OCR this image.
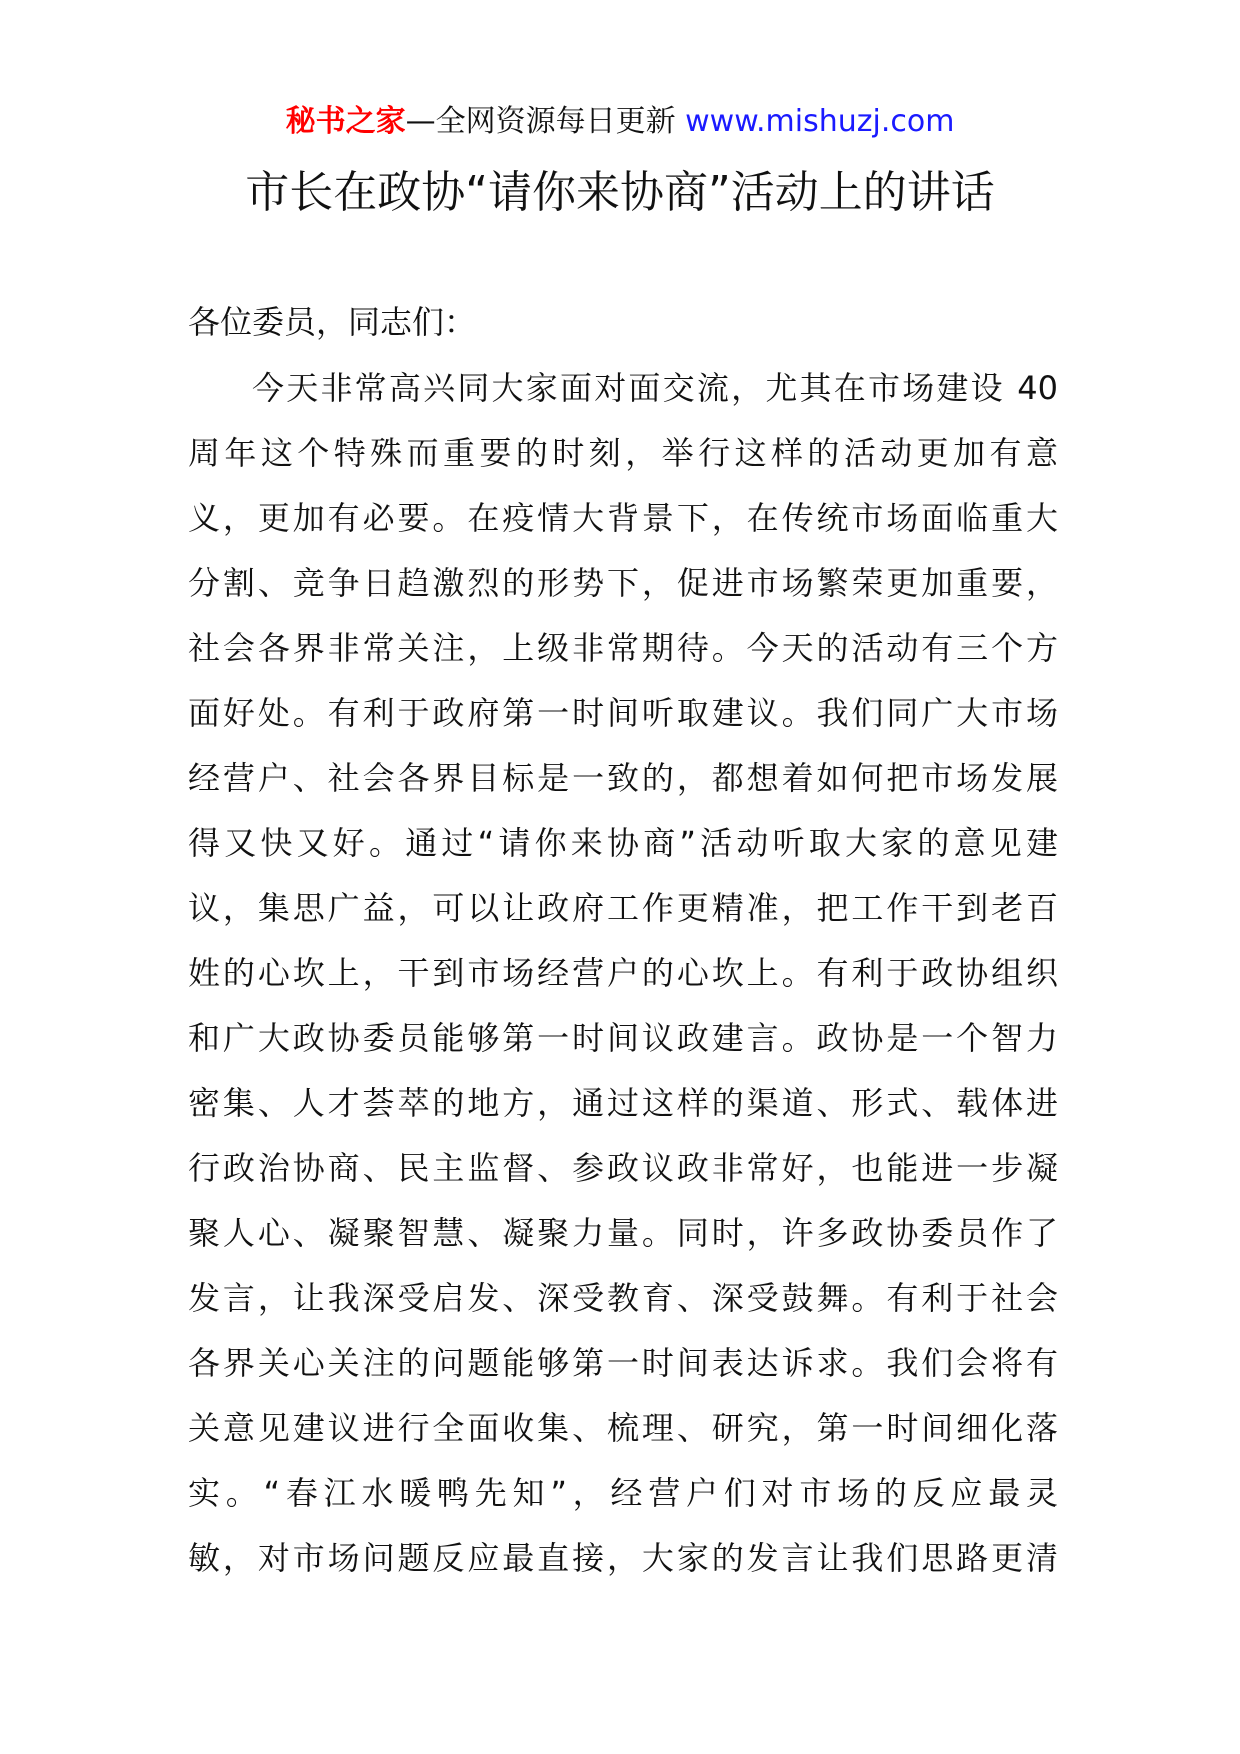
秘书之家—全网资源每日更新 www.mishuzj.com
市长在政协“请你来协商”活动上的讲话
各位委员，同志们：
今天非常高兴同大家面对面交流，尤其在市场建设 40
周年这个特殊而重要的时刻，举行这样的活动更加有意
义，更加有必要。在疫情大背景下，在传统市场面临重大
分割、竞争日趋激烈的形势下，促进市场繁荣更加重要，
社会各界非常关注，上级非常期待。今天的活动有三个方
面好处。有利于政府第一时间听取建议。我们同广大市场
经营户、社会各界目标是一致的，都想着如何把市场发展
得又快又好。通过“请你来协商”活动听取大家的意见建
议，集思广益，可以让政府工作更精准，把工作干到老百
姓的心坎上，干到市场经营户的心坎上。有利于政协组织
和广大政协委员能够第一时间议政建言。政协是一个智力
密集、人才荟萃的地方，通过这样的渠道、形式、载体进
行政治协商、民主监督、参政议政非常好，也能进一步凝
聚人心、凝聚智慧、凝聚力量。同时，许多政协委员作了
发言，让我深受启发、深受教育、深受鼓舞。有利于社会
各界关心关注的问题能够第一时间表达诉求。我们会将有
关意见建议进行全面收集、梳理、研究，第一时间细化落
实。“春江水暖鸭先知”，经营户们对市场的反应最灵
敏，对市场问题反应最直接，大家的发言让我们思路更清
